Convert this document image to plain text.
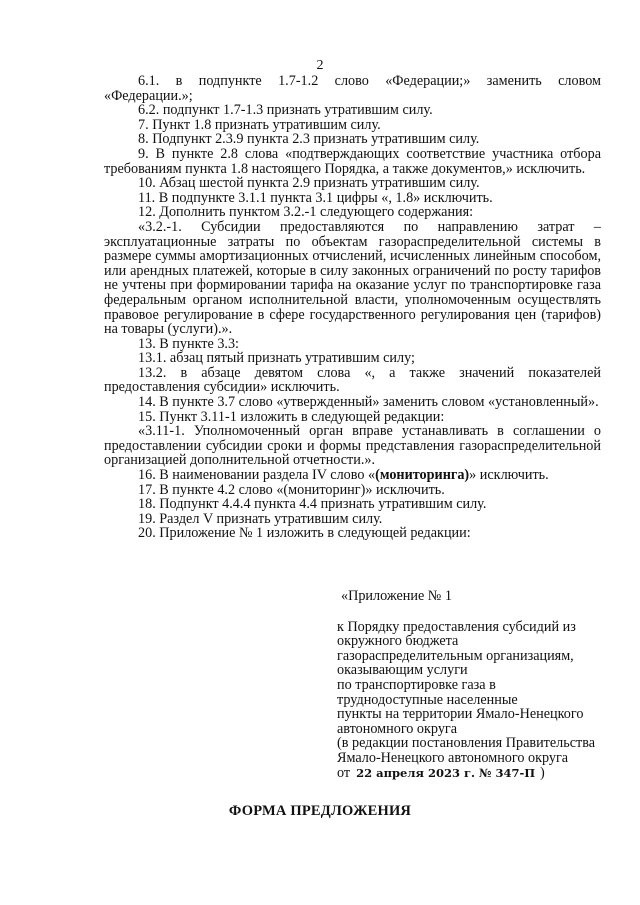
2

6.1. в подпункте 1.7-1.2 слово «Федерации;» заменить словом «Федерации.»;

6.2. подпункт 1.7-1.3 признать утратившим силу.

7. Пункт 1.8 признать утратившим силу.

8. Подпункт 2.3.9 пункта 2.3 признать утратившим силу.

9. В пункте 2.8 слова «подтверждающих соответствие участника отбора требованиям пункта 1.8 настоящего Порядка, а также документов,» исключить.

10. Абзац шестой пункта 2.9 признать утратившим силу.

11. В подпункте 3.1.1 пункта 3.1 цифры «, 1.8» исключить.

12. Дополнить пунктом 3.2.-1 следующего содержания:

«3.2.-1. Субсидии предоставляются по направлению затрат – эксплуатационные затраты по объектам газораспределительной системы в размере суммы амортизационных отчислений, исчисленных линейным способом, или арендных платежей, которые в силу законных ограничений по росту тарифов не учтены при формировании тарифа на оказание услуг по транспортировке газа федеральным органом исполнительной власти, уполномоченным осуществлять правовое регулирование в сфере государственного регулирования цен (тарифов) на товары (услуги).».

13. В пункте 3.3:

13.1. абзац пятый признать утратившим силу;

13.2. в абзаце девятом слова «, а также значений показателей предоставления субсидии» исключить.

14. В пункте 3.7 слово «утвержденный» заменить словом «установленный».

15. Пункт 3.11-1 изложить в следующей редакции:

«3.11-1. Уполномоченный орган вправе устанавливать в соглашении о предоставлении субсидии сроки и формы представления газораспределительной организацией дополнительной отчетности.».

16. В наименовании раздела IV слово «(мониторинга)» исключить.

17. В пункте 4.2 слово «(мониторинг)» исключить.

18. Подпункт 4.4.4 пункта 4.4 признать утратившим силу.

19. Раздел V признать утратившим силу.

20. Приложение № 1 изложить в следующей редакции:

«Приложение № 1

к Порядку предоставления субсидий из

окружного бюджета

газораспределительным организациям,

оказывающим услуги

по транспортировке газа в

труднодоступные населенные

пункты на территории Ямало-Ненецкого

автономного округа

(в редакции постановления Правительства

Ямало-Ненецкого автономного округа

от 22 апреля 2023 г. № 347-П )

ФОРМА ПРЕДЛОЖЕНИЯ
